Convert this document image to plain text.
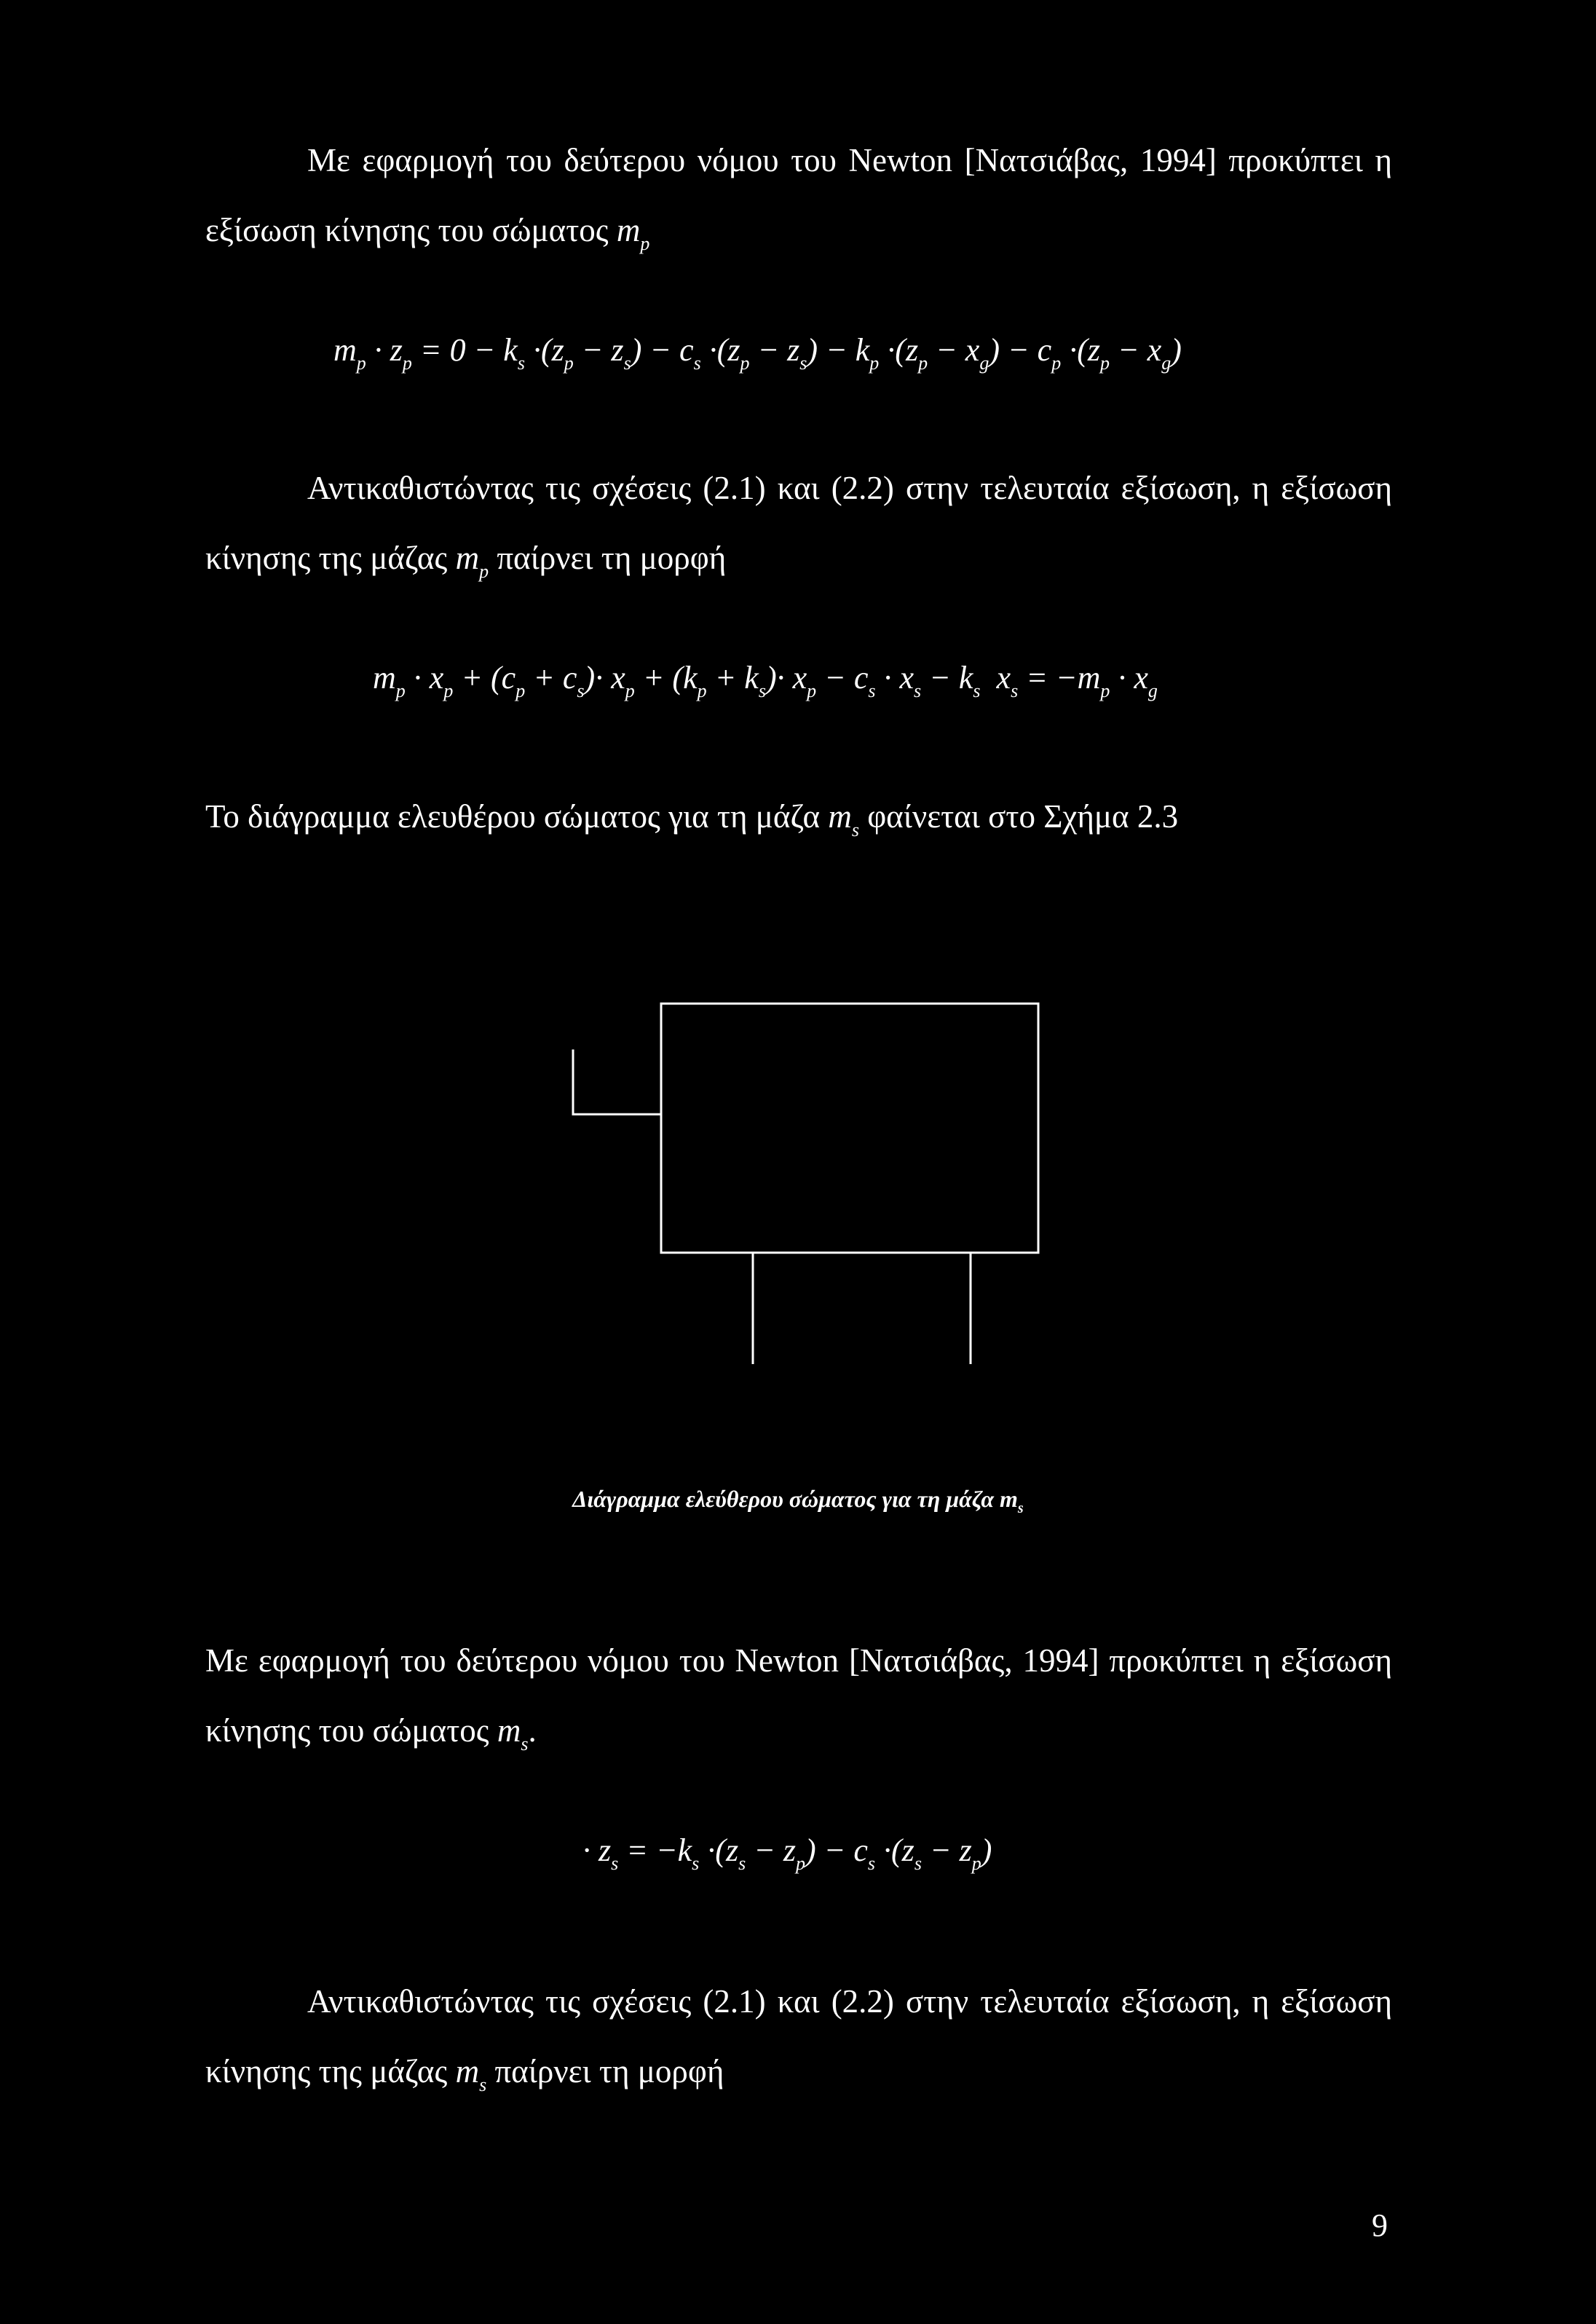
Με εφαρμογή του δεύτερου νόμου του Newton [Νατσιάβας, 1994] προκύπτει η εξίσωση κίνησης του σώματος $m_p$
$m_p \cdot z_p = 0 - k_s \cdot(z_p - z_s) - c_s \cdot(z_p - z_s) - k_p \cdot(z_p - x_g) - c_p \cdot(z_p - x_g)$
Αντικαθιστώντας τις σχέσεις (2.1) και (2.2) στην τελευταία εξίσωση, η εξίσωση κίνησης της μάζας $m_p$ παίρνει τη μορφή
$m_p \cdot x_p + (c_p + c_s)\cdot x_p + (k_p + k_s)\cdot x_p - c_s \cdot x_s - k_s$ $x_s = -m_p \cdot x_g$
Το διάγραμμα ελευθέρου σώματος για τη μάζα $m_s$ φαίνεται στο Σχήμα 2.3
Διάγραμμα ελεύθερου σώματος για τη μάζα $m_s$
Με εφαρμογή του δεύτερου νόμου του Newton [Νατσιάβας, 1994] προκύπτει η εξίσωση κίνησης του σώματος $m_s$.
· $z_s = -k_s \cdot(z_s - z_p) - c_s \cdot(z_s - z_p)$
Αντικαθιστώντας τις σχέσεις (2.1) και (2.2) στην τελευταία εξίσωση, η εξίσωση κίνησης της μάζας $m_s$ παίρνει τη μορφή
9
